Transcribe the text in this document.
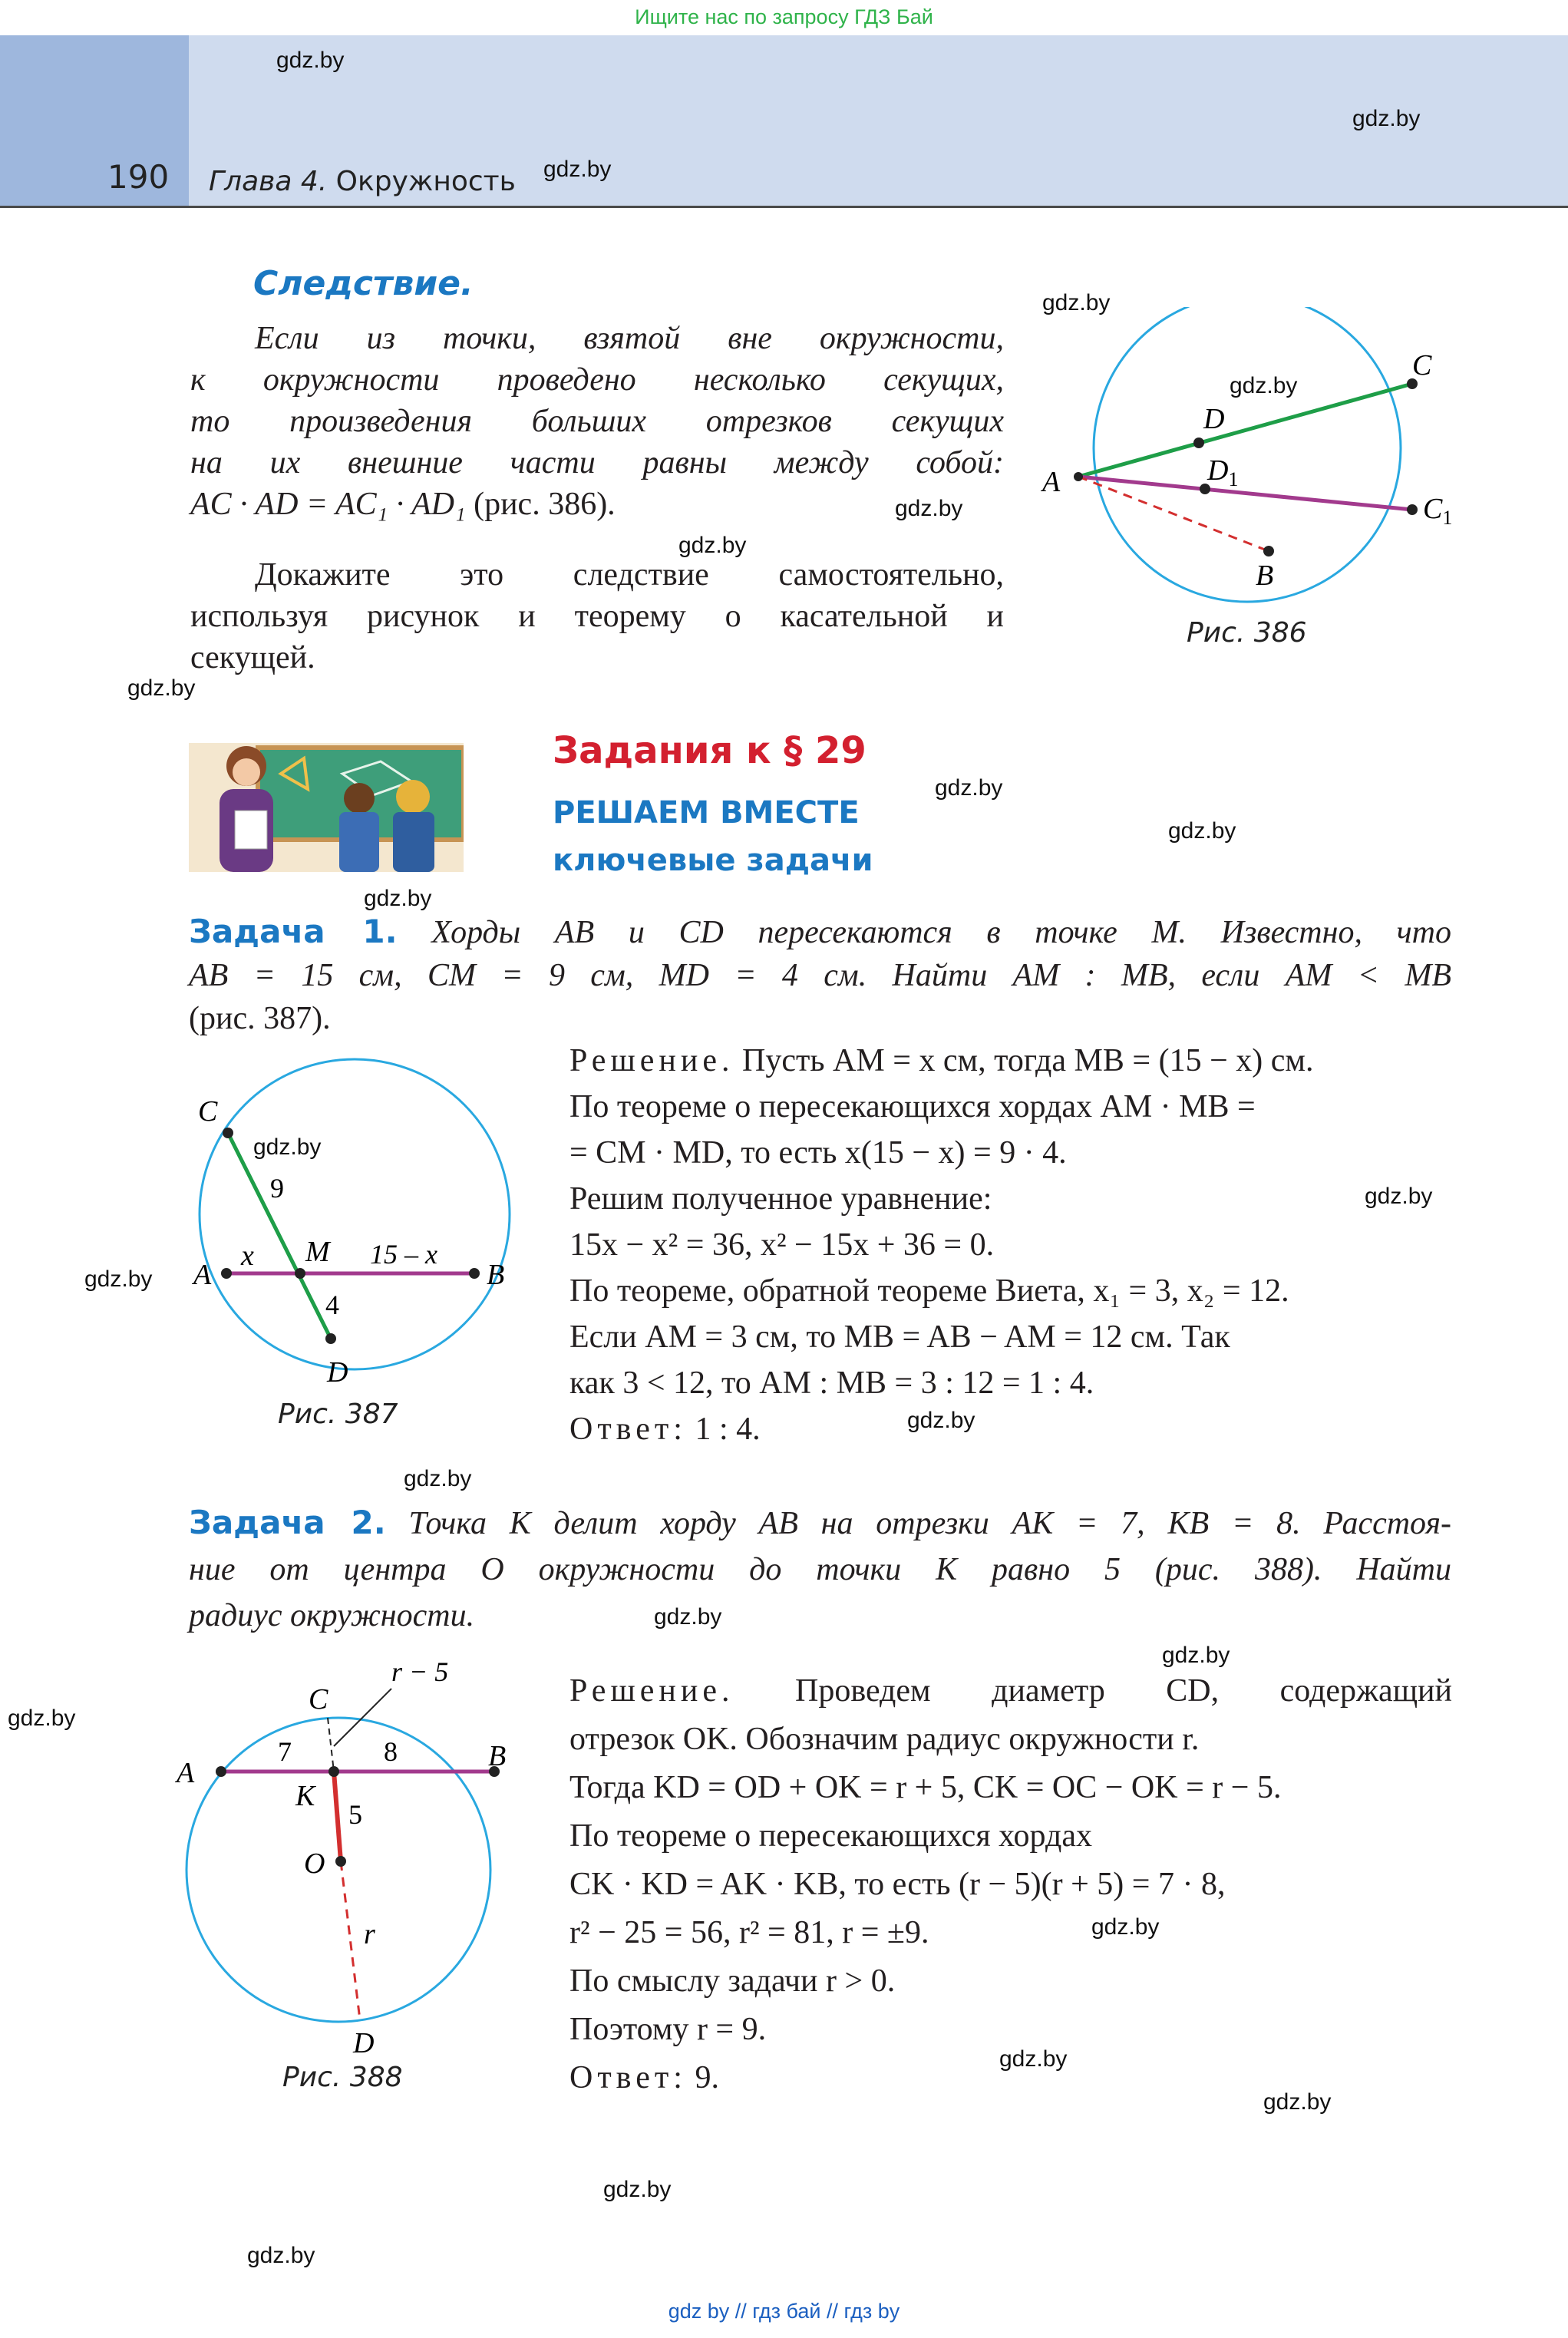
Ищите нас по запросу ГДЗ Бай
190 Глава 4. Окружность
Следствие.
Если из точки, взятой вне окружности,
к окружности проведено несколько секущих,
то произведения больших отрезков секущих
на их внешние части равны между собой:
AC · AD = AC₁ · AD₁ (рис. 386).
Докажите это следствие самостоятельно,
используя рисунок и теорему о касательной и
секущей.
A
C
D
$D_1$
$C_1$
B
Рис. 386
Задания к § 29
РЕШАЕМ ВМЕСТЕ
ключевые задачи
Задача 1. Хорды AB и CD пересекаются в точке M. Известно, что
AB = 15 см, CM = 9 см, MD = 4 см. Найти AM : MB, если AM < MB
(рис. 387).
A	B
C
D
M
x	15 – x
9
4
Рис. 387
Решение. Пусть AM = x см, тогда MB = (15 − x) см.
По теореме о пересекающихся хордах AM · MB =
= CM · MD, то есть x(15 − x) = 9 · 4.
Решим полученное уравнение:
15x − x² = 36, x² − 15x + 36 = 0.
По теореме, обратной теореме Виета, x₁ = 3, x₂ = 12.
Если AM = 3 см, то MB = AB − AM = 12 см. Так
как 3 < 12, то AM : MB = 3 : 12 = 1 : 4.
Ответ: 1 : 4.
Задача 2. Точка K делит хорду AB на отрезки AK = 7, KB = 8. Расстоя-
ние от центра O окружности до точки K равно 5 (рис. 388). Найти
радиус окружности.
A
B
C
D
K
O
7	8
5
r
r − 5
Рис. 388
Решение. Проведем диаметр CD, содержащий
отрезок OK. Обозначим радиус окружности r.
Тогда KD = OD + OK = r + 5, CK = OC − OK = r − 5.
По теореме о пересекающихся хордах
CK · KD = AK · KB, то есть (r − 5)(r + 5) = 7 · 8,
r² − 25 = 56, r² = 81, r = ±9.
По смыслу задачи r > 0.
Поэтому r = 9.
Ответ: 9.
gdz.by
gdz.by
gdz.by
gdz.by
gdz.by
gdz.by
gdz.by
gdz.by
gdz.by
gdz.by
gdz.by
gdz.by
gdz.by
gdz.by
gdz.by
gdz.by
gdz.by
gdz.by
gdz.by
gdz.by
gdz.by
gdz.by
gdz.by
gdz.by
gdz by // гдз бай // гдз by
